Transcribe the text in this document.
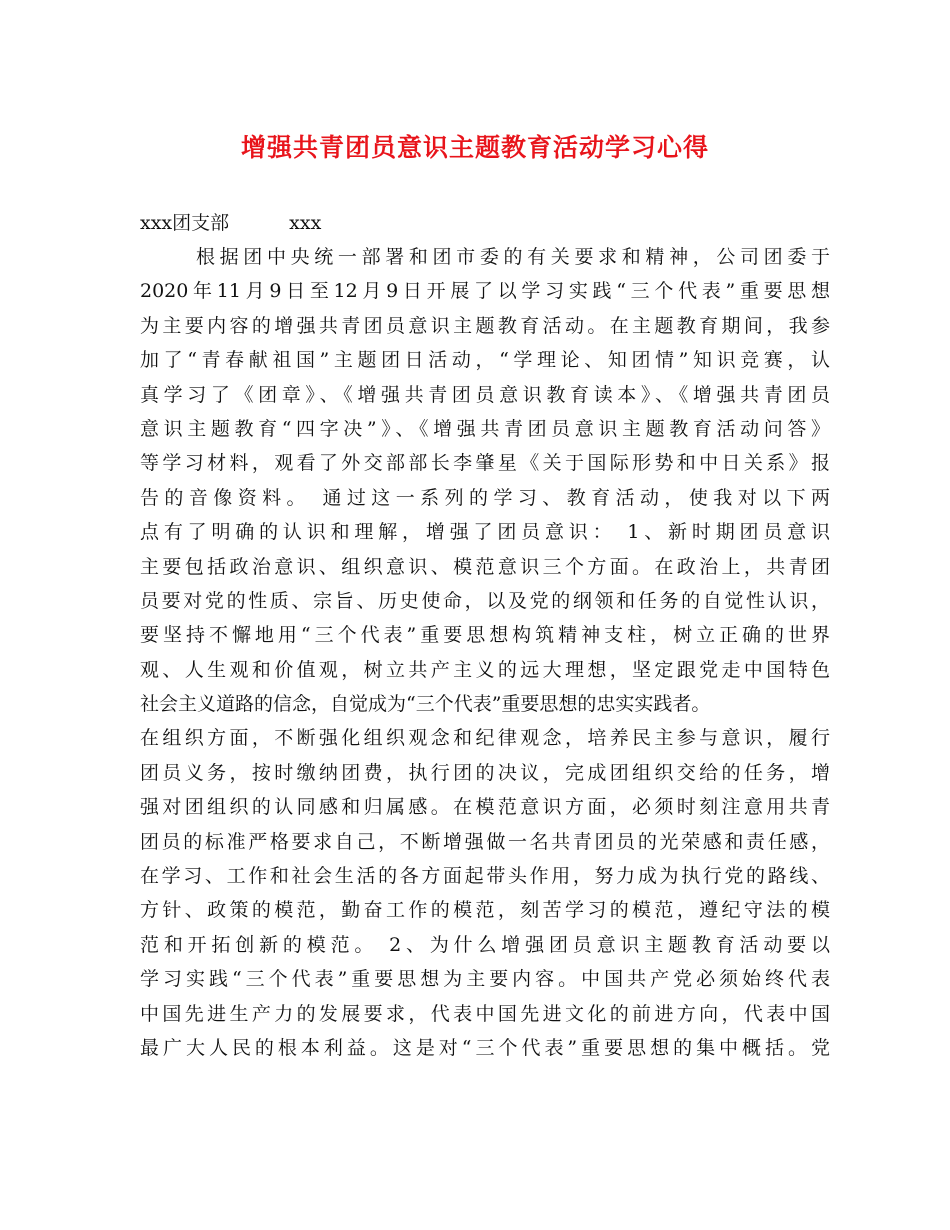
增强共青团员意识主题教育活动学习心得
xxx团支部	xxx
根据团中央统一部署和团市委的有关要求和精神，公司团委于
2020年11月9日至12月9日开展了以学习实践“三个代表”重要思想
为主要内容的增强共青团员意识主题教育活动。在主题教育期间，我参
加了“青春献祖国”主题团日活动，“学理论、知团情”知识竞赛，认
真学习了《团章》、《增强共青团员意识教育读本》、《增强共青团员
意识主题教育“四字决”》、《增强共青团员意识主题教育活动问答》
等学习材料，观看了外交部部长李肇星《关于国际形势和中日关系》报
告的音像资料。 通过这一系列的学习、教育活动，使我对以下两
点有了明确的认识和理解，增强了团员意识： 1、新时期团员意识
主要包括政治意识、组织意识、模范意识三个方面。在政治上，共青团
员要对党的性质、宗旨、历史使命，以及党的纲领和任务的自觉性认识，
要坚持不懈地用“三个代表”重要思想构筑精神支柱，树立正确的世界
观、人生观和价值观，树立共产主义的远大理想，坚定跟党走中国特色
社会主义道路的信念，自觉成为“三个代表”重要思想的忠实实践者。
在组织方面，不断强化组织观念和纪律观念，培养民主参与意识，履行
团员义务，按时缴纳团费，执行团的决议，完成团组织交给的任务，增
强对团组织的认同感和归属感。在模范意识方面，必须时刻注意用共青
团员的标准严格要求自己，不断增强做一名共青团员的光荣感和责任感，
在学习、工作和社会生活的各方面起带头作用，努力成为执行党的路线、
方针、政策的模范，勤奋工作的模范，刻苦学习的模范，遵纪守法的模
范和开拓创新的模范。 2、为什么增强团员意识主题教育活动要以
学习实践“三个代表”重要思想为主要内容。中国共产党必须始终代表
中国先进生产力的发展要求，代表中国先进文化的前进方向，代表中国
最广大人民的根本利益。这是对“三个代表”重要思想的集中概括。党
